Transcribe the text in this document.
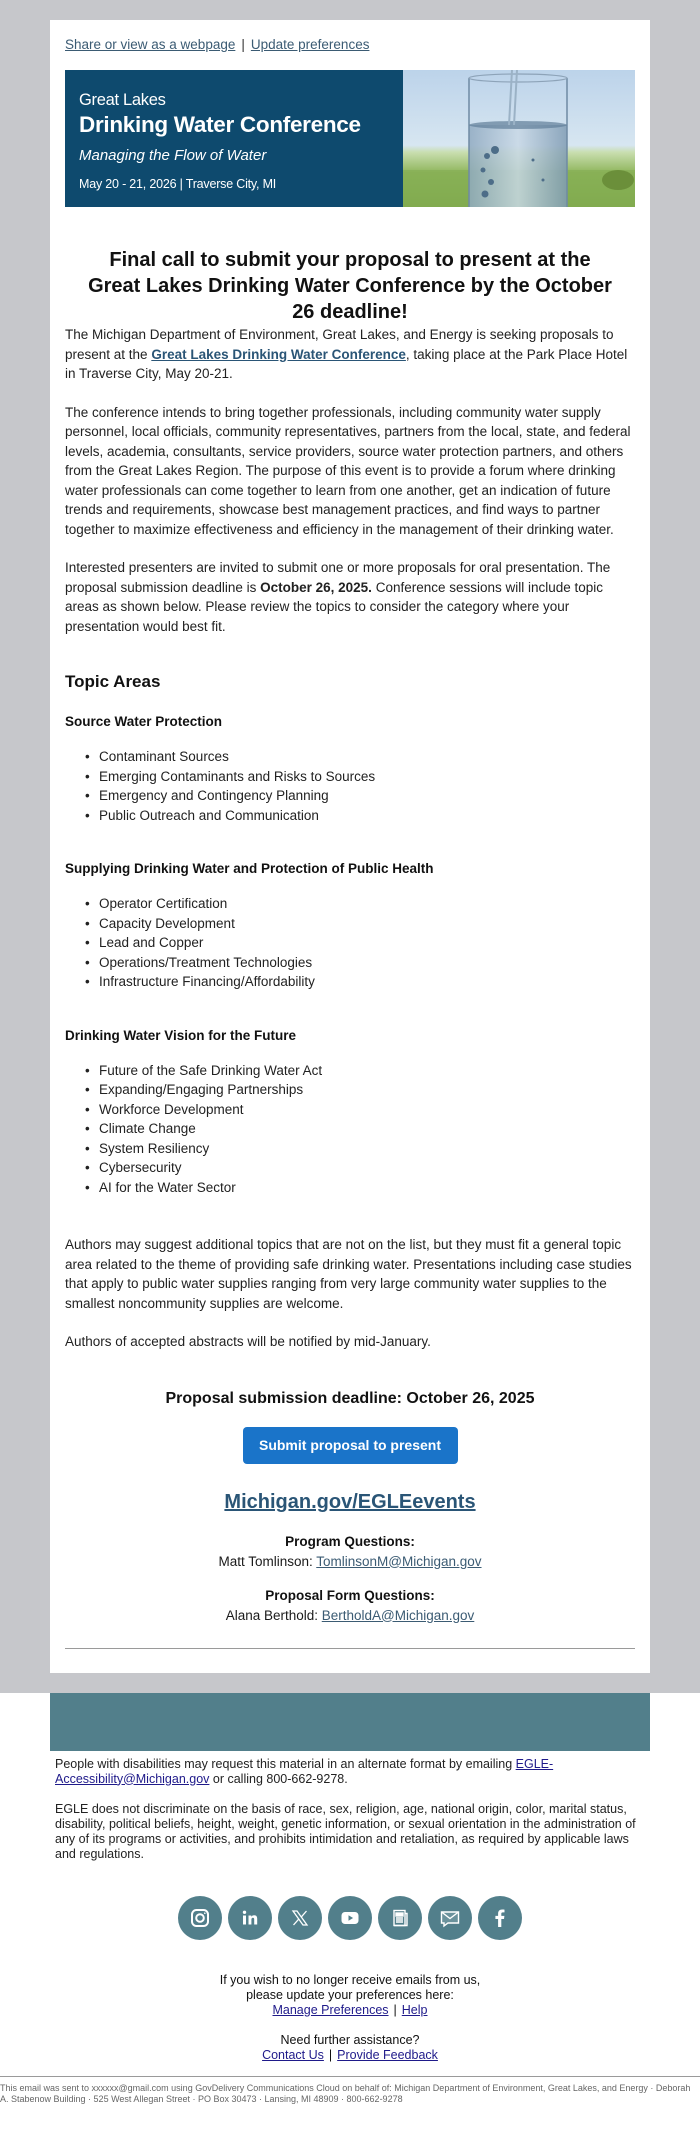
Share or view as a webpage | Update preferences
Great Lakes
Drinking Water Conference
Managing the Flow of Water
May 20 - 21, 2026 | Traverse City, MI
Final call to submit your proposal to present at the Great Lakes Drinking Water Conference by the October 26 deadline!

The Michigan Department of Environment, Great Lakes, and Energy is seeking proposals to present at the Great Lakes Drinking Water Conference, taking place at the Park Place Hotel in Traverse City, May 20-21.

The conference intends to bring together professionals, including community water supply personnel, local officials, community representatives, partners from the local, state, and federal levels, academia, consultants, service providers, source water protection partners, and others from the Great Lakes Region. The purpose of this event is to provide a forum where drinking water professionals can come together to learn from one another, get an indication of future trends and requirements, showcase best management practices, and find ways to partner together to maximize effectiveness and efficiency in the management of their drinking water.

Interested presenters are invited to submit one or more proposals for oral presentation. The proposal submission deadline is October 26, 2025. Conference sessions will include topic areas as shown below. Please review the topics to consider the category where your presentation would best fit.

Topic Areas
Source Water Protection
• Contaminant Sources
• Emerging Contaminants and Risks to Sources
• Emergency and Contingency Planning
• Public Outreach and Communication
Supplying Drinking Water and Protection of Public Health
• Operator Certification
• Capacity Development
• Lead and Copper
• Operations/Treatment Technologies
• Infrastructure Financing/Affordability
Drinking Water Vision for the Future
• Future of the Safe Drinking Water Act
• Expanding/Engaging Partnerships
• Workforce Development
• Climate Change
• System Resiliency
• Cybersecurity
• AI for the Water Sector

Authors may suggest additional topics that are not on the list, but they must fit a general topic area related to the theme of providing safe drinking water. Presentations including case studies that apply to public water supplies ranging from very large community water supplies to the smallest noncommunity supplies are welcome.

Authors of accepted abstracts will be notified by mid-January.

Proposal submission deadline: October 26, 2025
Submit proposal to present
Michigan.gov/EGLEevents
Program Questions:
Matt Tomlinson: TomlinsonM@Michigan.gov
Proposal Form Questions:
Alana Berthold: BertholdA@Michigan.gov

People with disabilities may request this material in an alternate format by emailing EGLE-Accessibility@Michigan.gov or calling 800-662-9278.

EGLE does not discriminate on the basis of race, sex, religion, age, national origin, color, marital status, disability, political beliefs, height, weight, genetic information, or sexual orientation in the administration of any of its programs or activities, and prohibits intimidation and retaliation, as required by applicable laws and regulations.

If you wish to no longer receive emails from us,
please update your preferences here:
Manage Preferences | Help
Need further assistance?
Contact Us | Provide Feedback
This email was sent to xxxxxx@gmail.com using GovDelivery Communications Cloud on behalf of: Michigan Department of Environment, Great Lakes, and Energy · Deborah A. Stabenow Building · 525 West Allegan Street · PO Box 30473 · Lansing, MI 48909 · 800-662-9278
